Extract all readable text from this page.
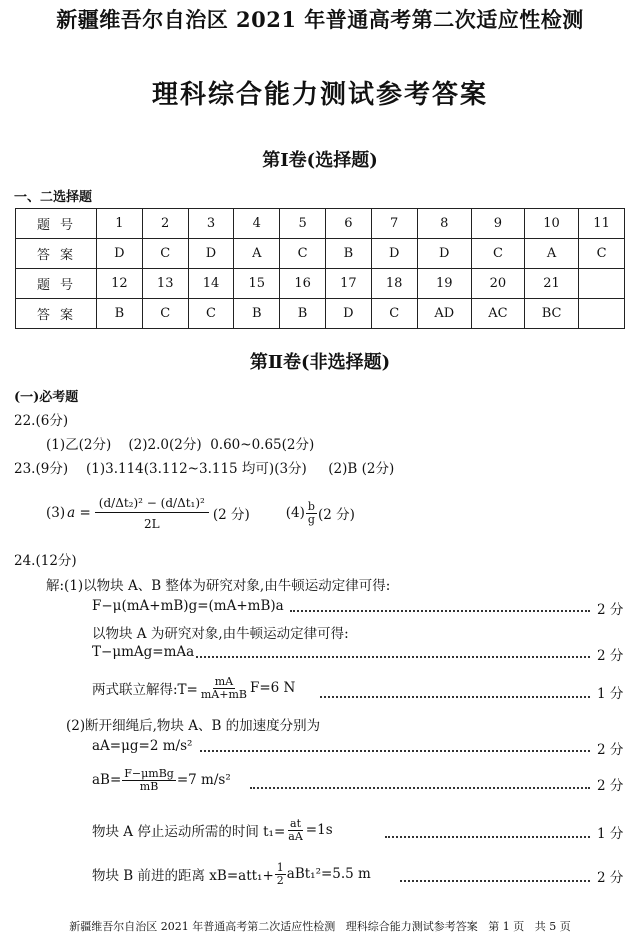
新疆维吾尔自治区 2021 年普通高考第二次适应性检测
理科综合能力测试参考答案
第Ⅰ卷(选择题)
一、二选择题
题号	1	2	3	4	5	6	7	8	9	10	11
答案	D	C	D	A	C	B	D	D	C	A	C
题号	12	13	14	15	16	17	18	19	20	21	
答案	B	C	C	B	B	D	C	AD	AC	BC	
第Ⅱ卷(非选择题)
(一)必考题
22.(6分)
(1)乙(2分)    (2)2.0(2分)  0.60~0.65(2分)
23.(9分) (1)3.114(3.112~3.115 均可)(3分)     (2)B (2分)
(3) $a = \frac{\text{(d/Δt₂)² − (d/Δt₁)²}}{2L} (2$ 分)	$(4) \frac{b}{g} (2$ 分)
24.(12分)
解:(1)以物块 A、B 整体为研究对象,由牛顿运动定律可得:
F−μ(mA+mB)g=(mA+mB)a	2 分
以物块 A 为研究对象,由牛顿运动定律可得:
T−μmAg=mAa	2 分
两式联立解得:T= $\frac{mA}{mA+mB} F=6$ N	1 分
(2)断开细绳后,物块 A、B 的加速度分别为
aA=μg=2 m/s²	2 分
$aB= \frac{\text{F−μmBg}}{mB} =7$ m/s²	2 分
物块 A 停止运动所需的时间 $t_1= \frac{at}{aA} =1s$	1 分
物块 B 前进的距离 $xB=att_1+ \frac{1}{2} aBt_1^2=5.5$ m	2 分
新疆维吾尔自治区 2021 年普通高考第二次适应性检测   理科综合能力测试参考答案   第 1 页   共 5 页
